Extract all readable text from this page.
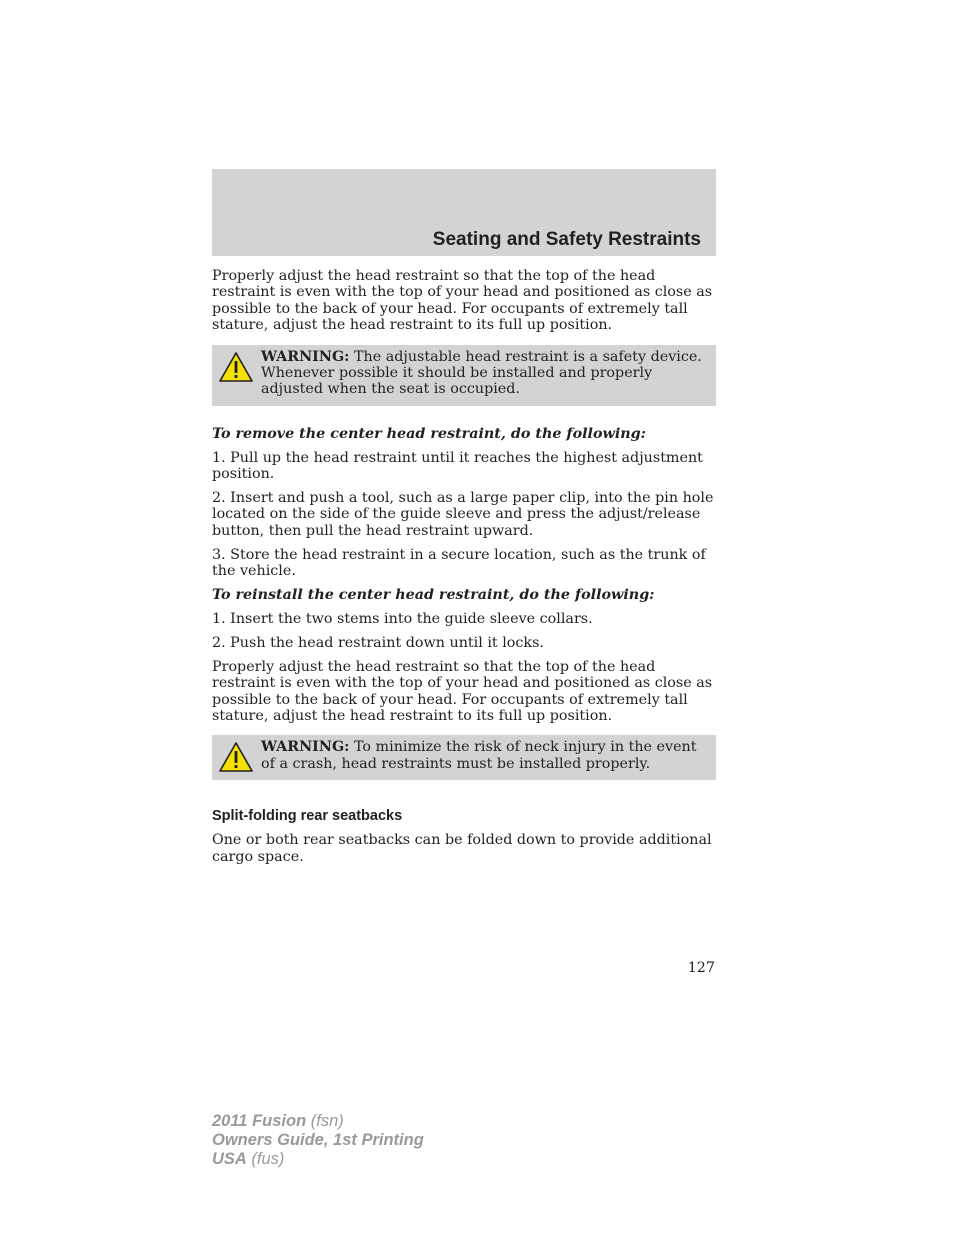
Seating and Safety Restraints

Properly adjust the head restraint so that the top of the head restraint is even with the top of your head and positioned as close as possible to the back of your head. For occupants of extremely tall stature, adjust the head restraint to its full up position.

WARNING: The adjustable head restraint is a safety device. Whenever possible it should be installed and properly adjusted when the seat is occupied.

To remove the center head restraint, do the following:

1. Pull up the head restraint until it reaches the highest adjustment position.

2. Insert and push a tool, such as a large paper clip, into the pin hole located on the side of the guide sleeve and press the adjust/release button, then pull the head restraint upward.

3. Store the head restraint in a secure location, such as the trunk of the vehicle.

To reinstall the center head restraint, do the following:

1. Insert the two stems into the guide sleeve collars.

2. Push the head restraint down until it locks.

Properly adjust the head restraint so that the top of the head restraint is even with the top of your head and positioned as close as possible to the back of your head. For occupants of extremely tall stature, adjust the head restraint to its full up position.

WARNING: To minimize the risk of neck injury in the event of a crash, head restraints must be installed properly.

Split-folding rear seatbacks

One or both rear seatbacks can be folded down to provide additional cargo space.

127
2011 Fusion (fsn)
Owners Guide, 1st Printing
USA (fus)
